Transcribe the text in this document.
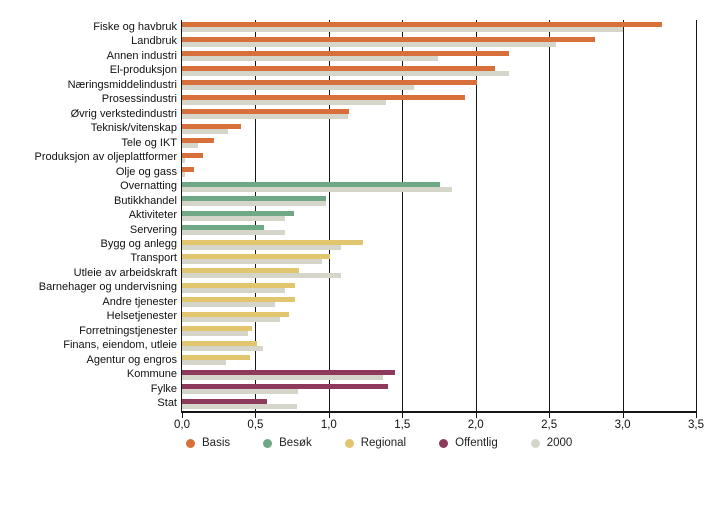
Fiske og havbruk
Landbruk
Annen industri
El-produksjon
Næringsmiddelindustri
Prosessindustri
Øvrig verkstedindustri
Teknisk/vitenskap
Tele og IKT
Produksjon av oljeplattformer
Olje og gass
Overnatting
Butikkhandel
Aktiviteter
Servering
Bygg og anlegg
Transport
Utleie av arbeidskraft
Barnehager og undervisning
Andre tjenester
Helsetjenester
Forretningstjenester
Finans, eiendom, utleie
Agentur og engros
Kommune
Fylke
Stat
0,0	0,5	1,0	1,5	2,0	2,5	3,0	3,5
Basis	Besøk	Regional	Offentlig	2000
